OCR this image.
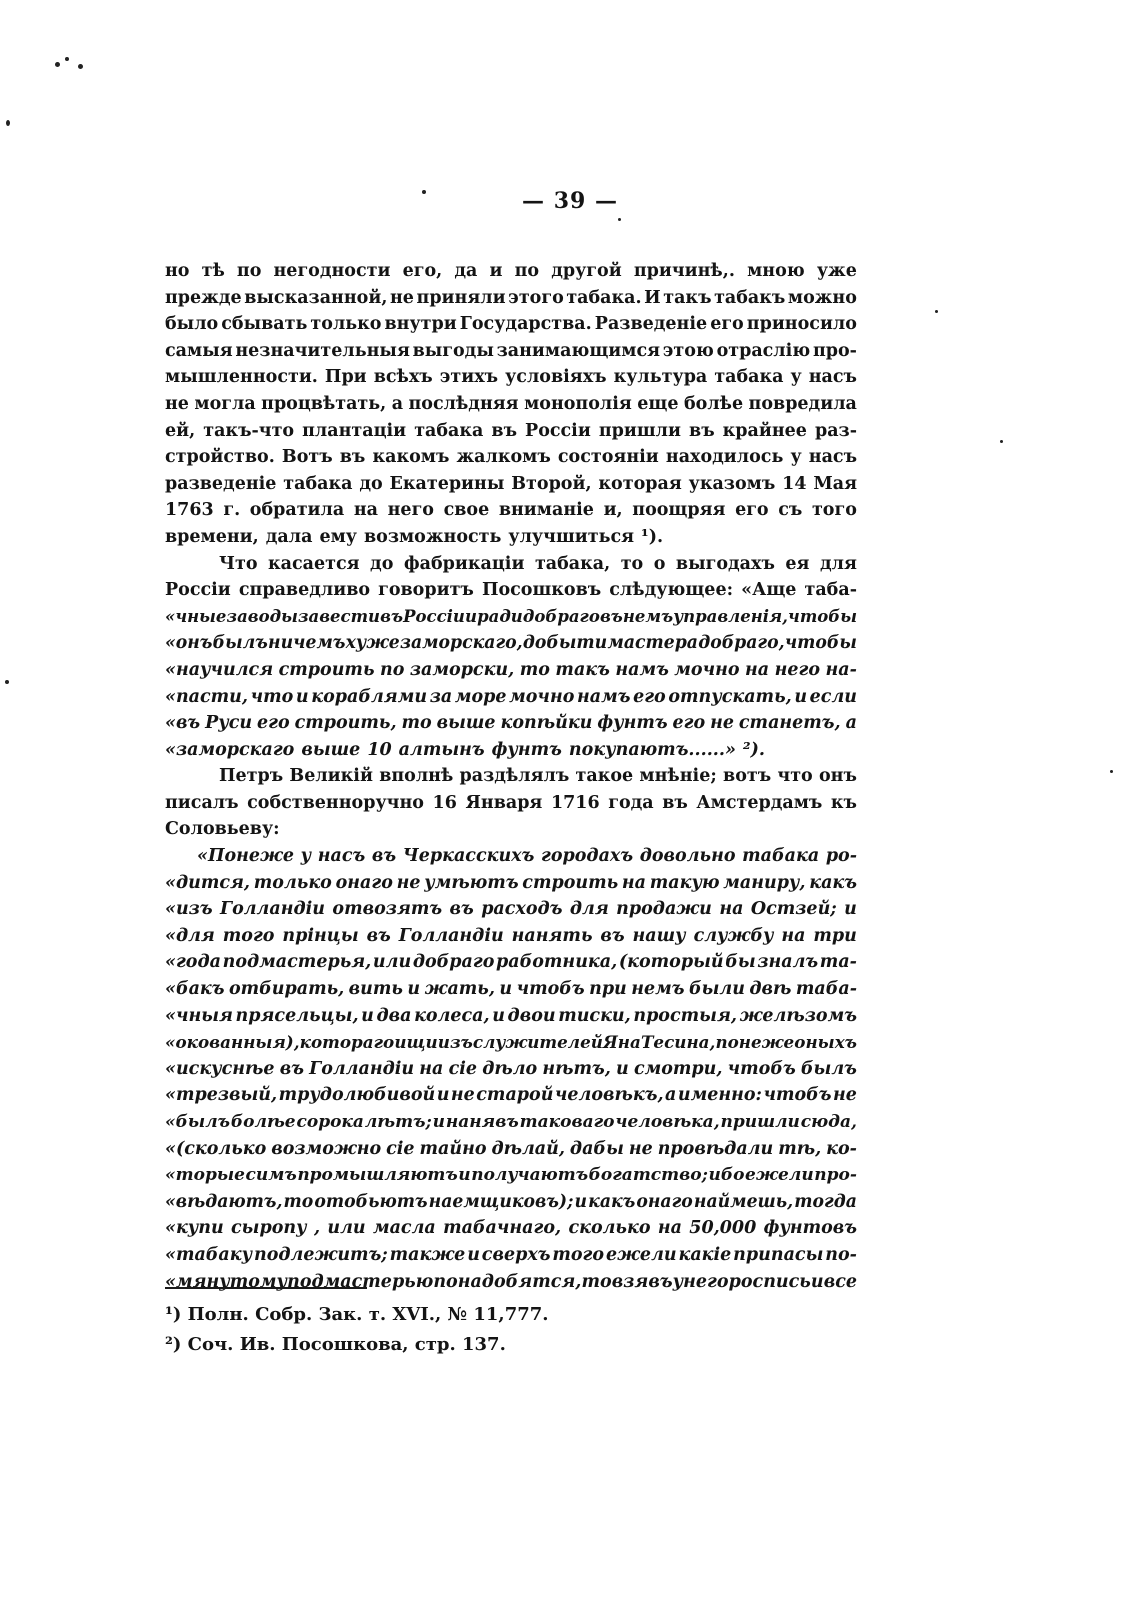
— 39 —
но тѣ по негодности его, да и по другой причинѣ,. мною уже
прежде высказанной, не приняли этого табака. И такъ табакъ можно
было сбывать только внутри Государства. Разведеніе его приносило
самыя незначительныя выгоды занимающимся этою отраслію про-
мышленности. При всѣхъ этихъ условіяхъ культура табака у насъ
не могла процвѣтать, а послѣдняя монополія еще болѣе повредила
ей, такъ-что плантаціи табака въ Россіи пришли въ крайнее раз-
стройство. Вотъ въ какомъ жалкомъ состояніи находилось у насъ
разведеніе табака до Екатерины Второй, которая указомъ 14 Мая
1763 г. обратила на него свое вниманіе и, поощряя его съ того
времени, дала ему возможность улучшиться ¹).
Что касается до фабрикаціи табака, то о выгодахъ ея для
Россіи справедливо говоритъ Посошковъ слѣдующее: «Аще таба-
«чные заводы завести въ Россіи и ради добраго въ немъ управленія, чтобы
«онъ былъ ничемъ хуже заморскаго, добыти мастера добраго, чтобы
«научился строить по заморски, то такъ намъ мочно на него на-
«пасти, что и кораблями за море мочно намъ его отпускать, и если
«въ Руси его строить, то выше копѣйки фунтъ его не станетъ, а
«заморскаго выше 10 алтынъ фунтъ покупаютъ......» ²).
Петръ Великій вполнѣ раздѣлялъ такое мнѣніе; вотъ что онъ
писалъ собственноручно 16 Января 1716 года въ Амстердамъ къ
Соловьеву:
«Понеже у насъ въ Черкасскихъ городахъ довольно табака ро-
«дится, только онаго не умѣютъ строить на такую маниру, какъ
«изъ Голландіи отвозятъ въ расходъ для продажи на Остзей; и
«для того прінцы въ Голландіи нанять въ нашу службу на три
«года подмастерья, или добраго работника, (который бы зналъ та-
«бакъ отбирать, вить и жать, и чтобъ при немъ были двѣ таба-
«чныя прясельцы, и два колеса, и двои тиски, простыя, желѣзомъ
«окованныя), котораго ищи изъ служителей Яна Тесина, понеже оныхъ
«искуснѣе въ Голландіи на сіе дѣло нѣтъ, и смотри, чтобъ былъ
«трезвый, трудолюбивой и не старой человѣкъ, а именно: чтобъ не
«былъ болѣе сорока лѣтъ; и нанявъ таковаго человѣка, пришли сюда,
«(сколько возможно сіе тайно дѣлай, дабы не провѣдали тѣ, ко-
«торые симъ промышляютъ и получаютъ богатство; ибо ежели про-
«вѣдаютъ, то отобьютъ наемщиковъ); и какъ онаго наймешь, тогда
«купи сыропу , или масла табачнаго, сколько на 50,000 фунтовъ
«табаку подлежитъ; также и сверхъ того ежели какіе припасы по-
«мянутому подмастерью понадобятся, то взявъ у него роспись и все
¹) Полн. Собр. Зак. т. XVI., № 11,777.
²) Соч. Ив. Посошкова, стр. 137.
